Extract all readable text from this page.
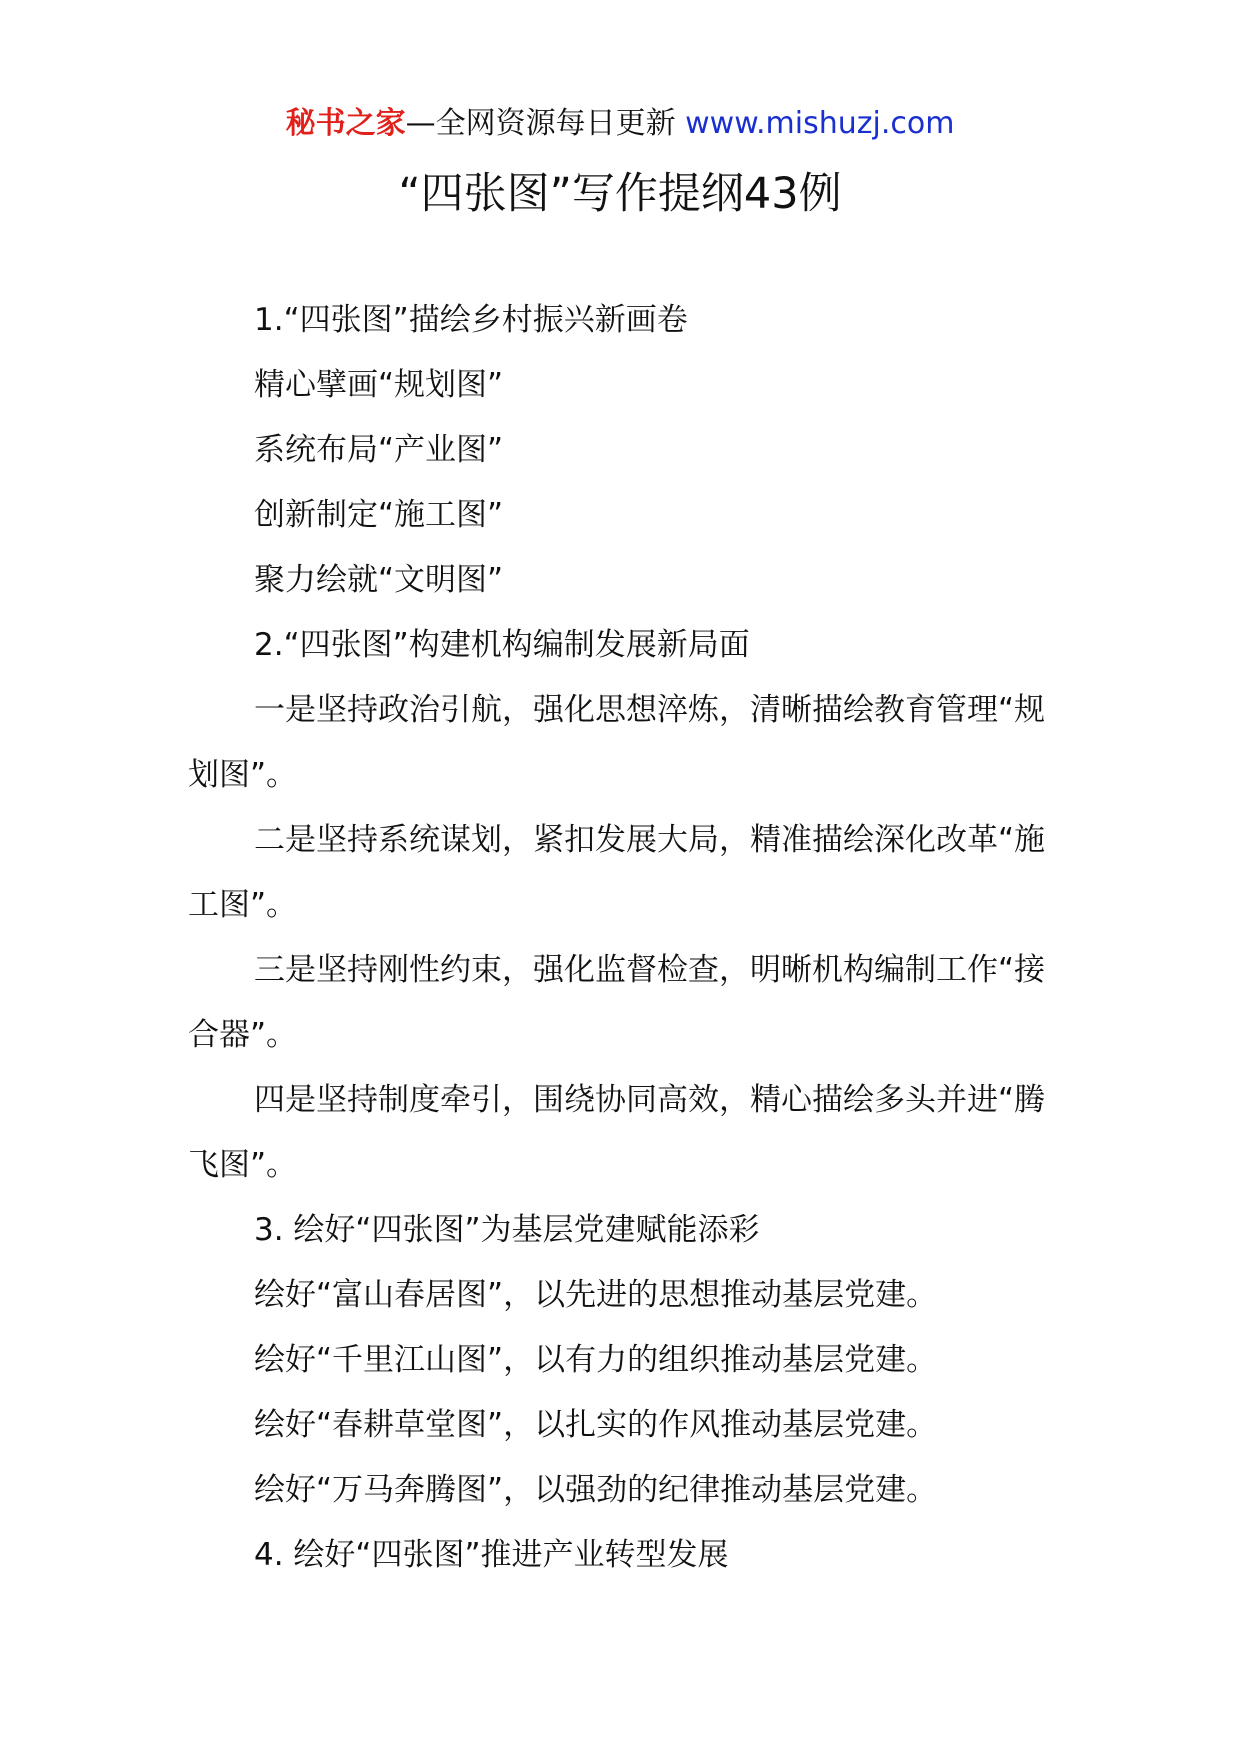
秘书之家—全网资源每日更新 www.mishuzj.com
“四张图”写作提纲43例

1.“四张图”描绘乡村振兴新画卷

精心擘画“规划图”

系统布局“产业图”

创新制定“施工图”

聚力绘就“文明图”

2.“四张图”构建机构编制发展新局面

一是坚持政治引航，强化思想淬炼，清晰描绘教育管理“规划图”。

二是坚持系统谋划，紧扣发展大局，精准描绘深化改革“施工图”。

三是坚持刚性约束，强化监督检查，明晰机构编制工作“接合器”。

四是坚持制度牵引，围绕协同高效，精心描绘多头并进“腾飞图”。

3. 绘好“四张图”为基层党建赋能添彩

绘好“富山春居图”，以先进的思想推动基层党建。

绘好“千里江山图”，以有力的组织推动基层党建。

绘好“春耕草堂图”，以扎实的作风推动基层党建。

绘好“万马奔腾图”，以强劲的纪律推动基层党建。

4. 绘好“四张图”推进产业转型发展
